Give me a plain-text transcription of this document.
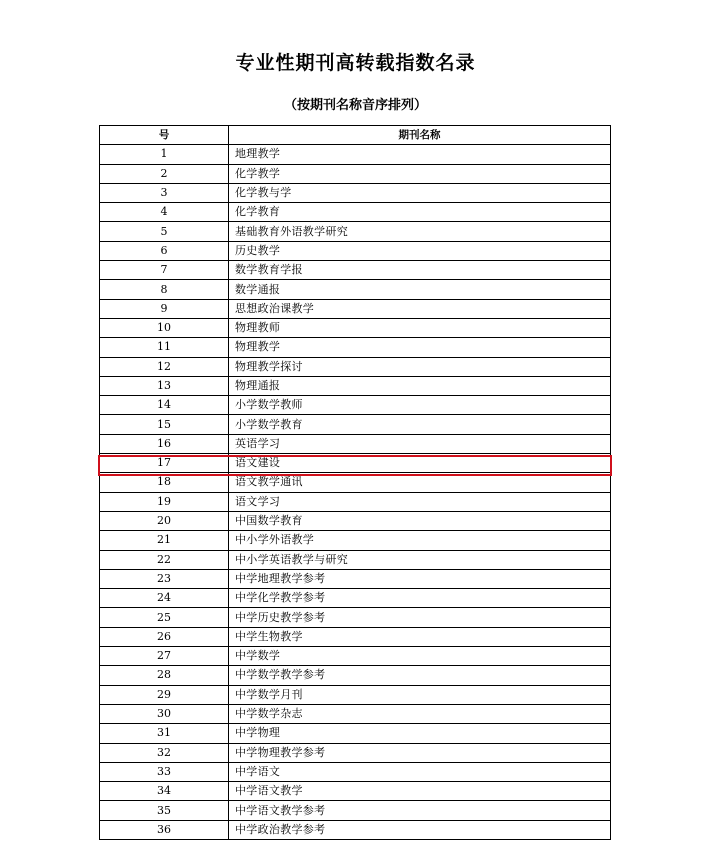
专业性期刊高转载指数名录
（按期刊名称音序排列）
号	期刊名称
1	地理教学
2	化学教学
3	化学教与学
4	化学教育
5	基础教育外语教学研究
6	历史教学
7	数学教育学报
8	数学通报
9	思想政治课教学
10	物理教师
11	物理教学
12	物理教学探讨
13	物理通报
14	小学数学教师
15	小学数学教育
16	英语学习
17	语文建设
18	语文教学通讯
19	语文学习
20	中国数学教育
21	中小学外语教学
22	中小学英语教学与研究
23	中学地理教学参考
24	中学化学教学参考
25	中学历史教学参考
26	中学生物教学
27	中学数学
28	中学数学教学参考
29	中学数学月刊
30	中学数学杂志
31	中学物理
32	中学物理教学参考
33	中学语文
34	中学语文教学
35	中学语文教学参考
36	中学政治教学参考
